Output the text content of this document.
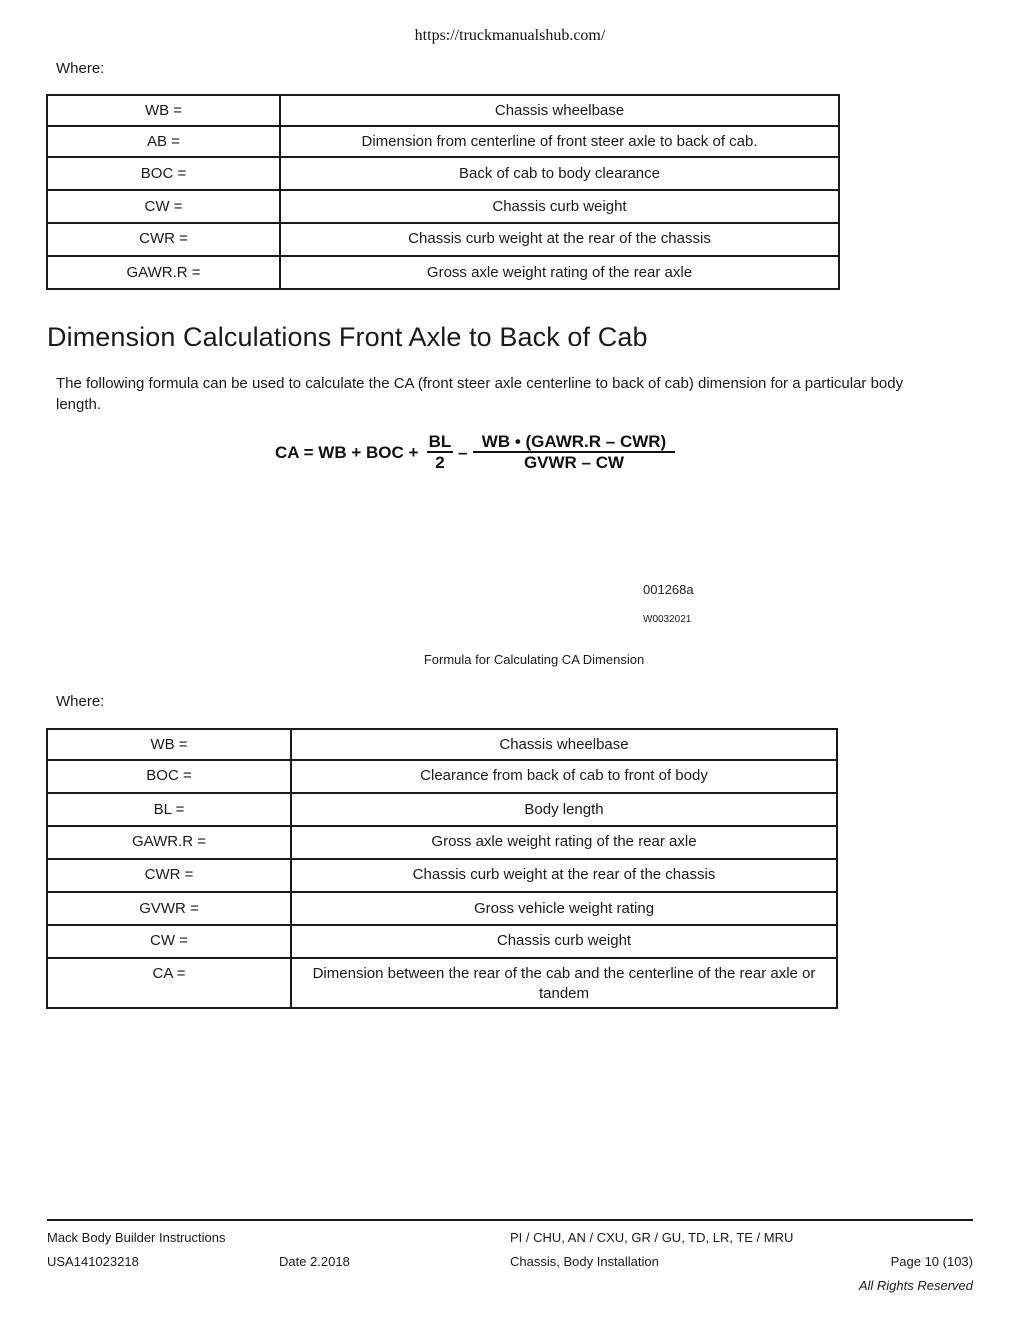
https://truckmanualshub.com/
Where:
WB =	Chassis wheelbase
AB =	Dimension from centerline of front steer axle to back of cab.
BOC =	Back of cab to body clearance
CW =	Chassis curb weight
CWR =	Chassis curb weight at the rear of the chassis
GAWR.R =	Gross axle weight rating of the rear axle
Dimension Calculations Front Axle to Back of Cab

The following formula can be used to calculate the CA (front steer axle centerline to back of cab) dimension for a particular body length.

CA = WB + BOC + $\frac{BL}{2}$ –
WB • (GAWR.R – CWR)
GVWR – CW
001268a
W0032021
Formula for Calculating CA Dimension
Where:
WB =	Chassis wheelbase
BOC =	Clearance from back of cab to front of body
BL =	Body length
GAWR.R =	Gross axle weight rating of the rear axle
CWR =	Chassis curb weight at the rear of the chassis
GVWR =	Gross vehicle weight rating
CW =	Chassis curb weight
CA =	Dimension between the rear of the cab and the centerline of the rear axle or tandem
Mack Body Builder Instructions	PI / CHU, AN / CXU, GR / GU, TD, LR, TE / MRU
USA141023218	Date 2.2018	Chassis, Body Installation	Page 10 (103)
All Rights Reserved
